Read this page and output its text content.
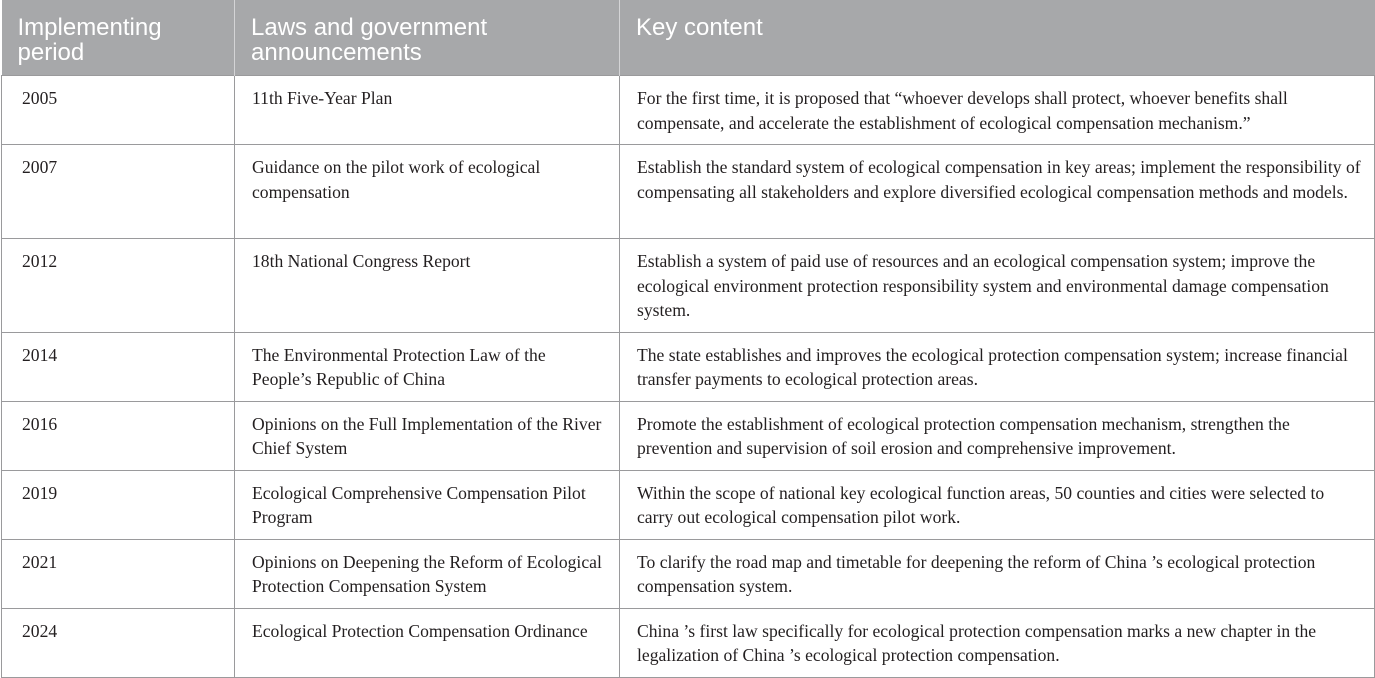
Implementing period	Laws and government announcements	Key content
2005	11th Five-Year Plan	For the first time, it is proposed that “whoever develops shall protect, whoever benefits shall compensate, and accelerate the establishment of ecological compensation mechanism.”
2007	Guidance on the pilot work of ecological compensation	Establish the standard system of ecological compensation in key areas; implement the responsibility of compensating all stakeholders and explore diversified ecological compensation methods and models.
2012	18th National Congress Report	Establish a system of paid use of resources and an ecological compensation system; improve the ecological environment protection responsibility system and environmental damage compensation system.
2014	The Environmental Protection Law of the People’s Republic of China	The state establishes and improves the ecological protection compensation system; increase financial transfer payments to ecological protection areas.
2016	Opinions on the Full Implementation of the River Chief System	Promote the establishment of ecological protection compensation mechanism, strengthen the prevention and supervision of soil erosion and comprehensive improvement.
2019	Ecological Comprehensive Compensation Pilot Program	Within the scope of national key ecological function areas, 50 counties and cities were selected to carry out ecological compensation pilot work.
2021	Opinions on Deepening the Reform of Ecological Protection Compensation System	To clarify the road map and timetable for deepening the reform of China ’s ecological protection compensation system.
2024	Ecological Protection Compensation Ordinance	China ’s first law specifically for ecological protection compensation marks a new chapter in the legalization of China ’s ecological protection compensation.
